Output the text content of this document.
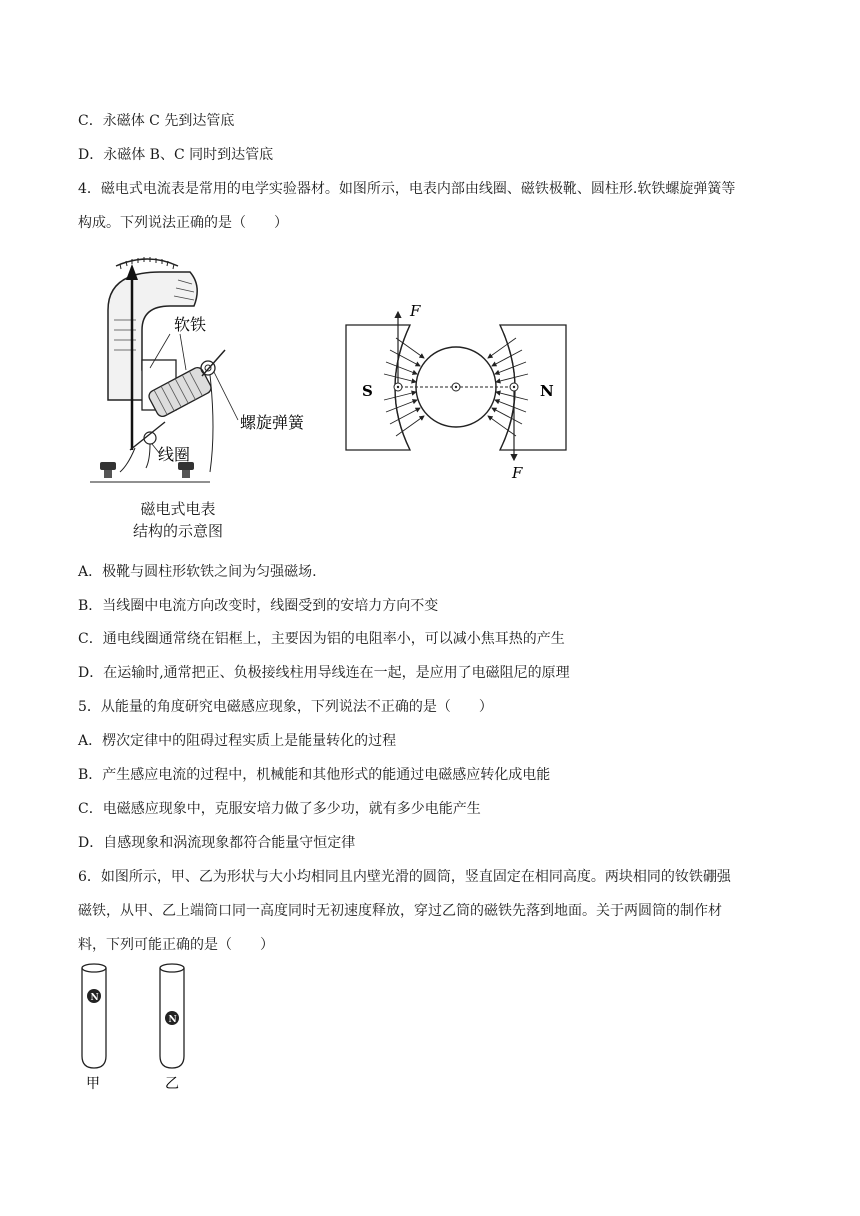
C．永磁体 C 先到达管底
D．永磁体 B、C 同时到达管底
4．磁电式电流表是常用的电学实验器材。如图所示，电表内部由线圈、磁铁极靴、圆柱形.软铁螺旋弹簧等
构成。下列说法正确的是（　　）
软铁
螺旋弹簧
线圈
磁电式电表
结构的示意图
F
F
S	N
A．极靴与圆柱形软铁之间为匀强磁场.
B．当线圈中电流方向改变时，线圈受到的安培力方向不变
C．通电线圈通常绕在铝框上，主要因为铝的电阻率小，可以减小焦耳热的产生
D．在运输时,通常把正、负极接线柱用导线连在一起，是应用了电磁阻尼的原理
5．从能量的角度研究电磁感应现象，下列说法不正确的是（　　）
A．楞次定律中的阻碍过程实质上是能量转化的过程
B．产生感应电流的过程中，机械能和其他形式的能通过电磁感应转化成电能
C．电磁感应现象中，克服安培力做了多少功，就有多少电能产生
D．自感现象和涡流现象都符合能量守恒定律
6．如图所示，甲、乙为形状与大小均相同且内壁光滑的圆筒，竖直固定在相同高度。两块相同的钕铁硼强
磁铁，从甲、乙上端筒口同一高度同时无初速度释放，穿过乙筒的磁铁先落到地面。关于两圆筒的制作材
料，下列可能正确的是（　　）
N
N
甲	乙
